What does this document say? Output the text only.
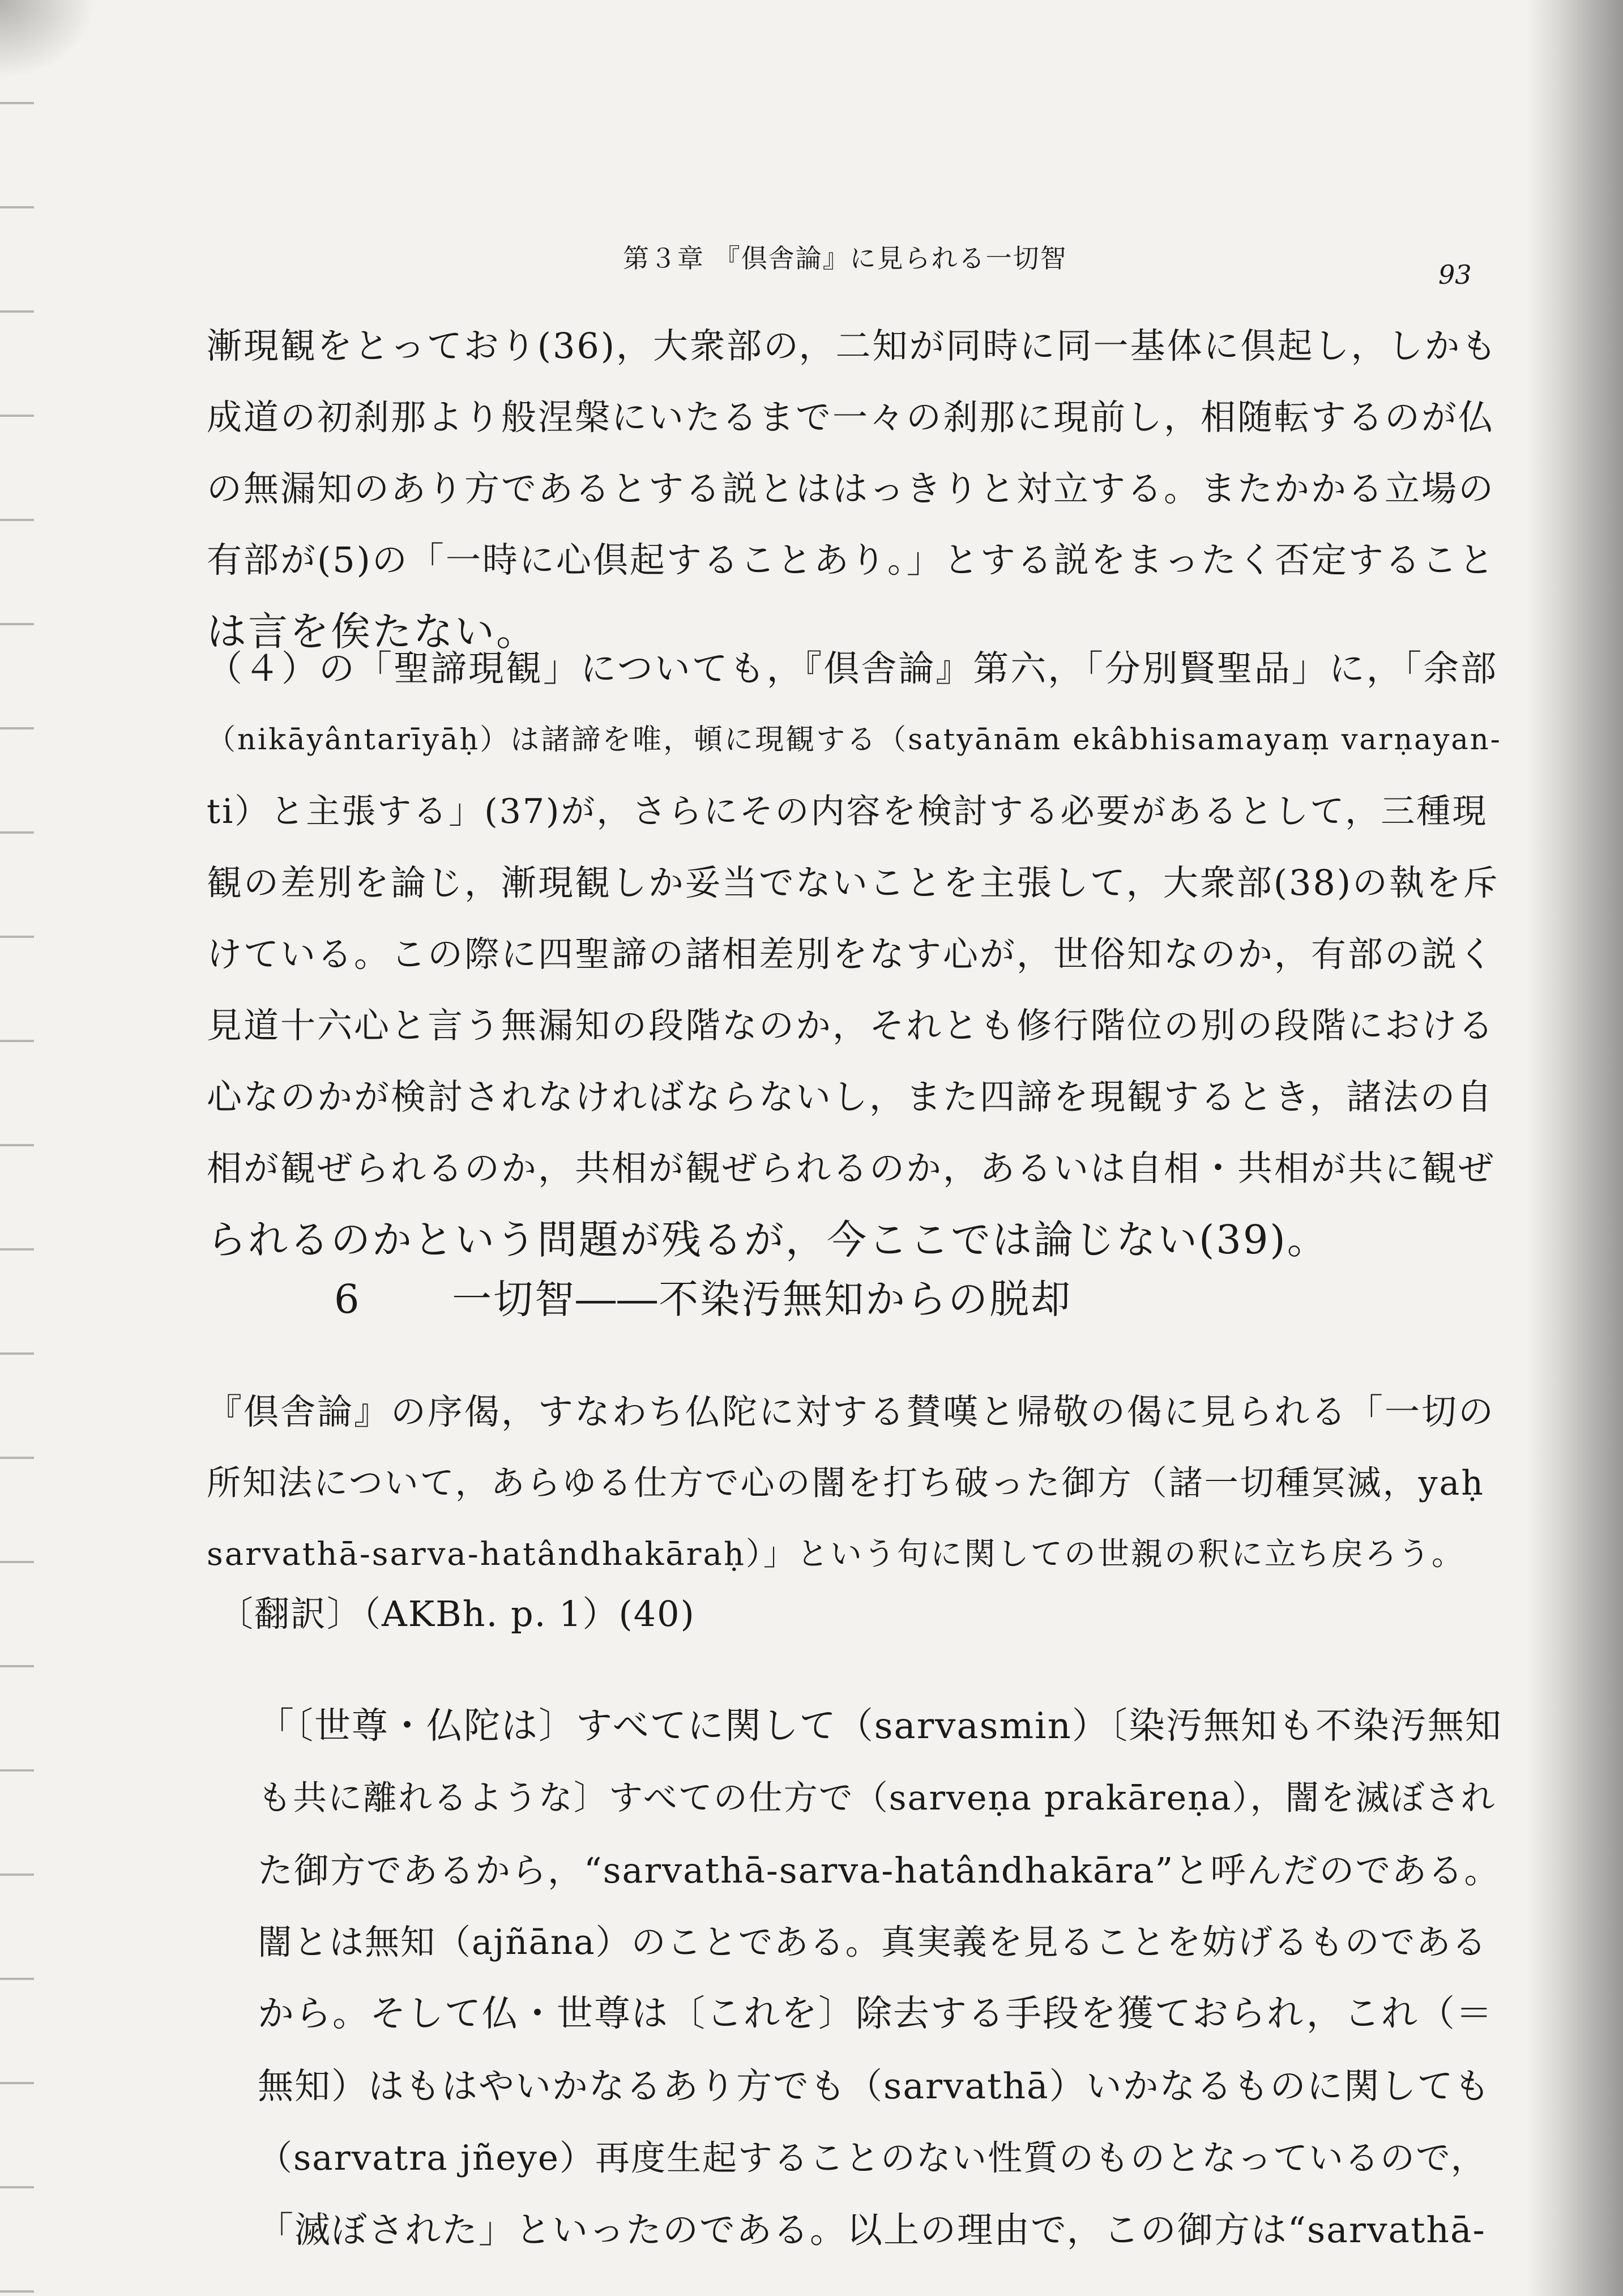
第３章 『倶舎論』に見られる一切智
93
漸現観をとっており(36)，大衆部の，二知が同時に同一基体に倶起し，しかも
成道の初刹那より般涅槃にいたるまで一々の刹那に現前し，相随転するのが仏
の無漏知のあり方であるとする説とははっきりと対立する。またかかる立場の
有部が(5)の「一時に心倶起することあり。」とする説をまったく否定すること
は言を俟たない。
（４）の「聖諦現観」についても，『倶舎論』第六，「分別賢聖品」に，「余部
（nikāyântarīyāḥ）は諸諦を唯，頓に現観する（satyānām ekâbhisamayaṃ varṇayan-
ti）と主張する」(37)が，さらにその内容を検討する必要があるとして，三種現
観の差別を論じ，漸現観しか妥当でないことを主張して，大衆部(38)の執を斥
けている。この際に四聖諦の諸相差別をなす心が，世俗知なのか，有部の説く
見道十六心と言う無漏知の段階なのか，それとも修行階位の別の段階における
心なのかが検討されなければならないし，また四諦を現観するとき，諸法の自
相が観ぜられるのか，共相が観ぜられるのか，あるいは自相・共相が共に観ぜ
られるのかという問題が残るが，今ここでは論じない(39)。
6 一切智――不染汚無知からの脱却
『倶舎論』の序偈，すなわち仏陀に対する賛嘆と帰敬の偈に見られる「一切の
所知法について，あらゆる仕方で心の闇を打ち破った御方（諸一切種冥滅，yaḥ
sarvathā-sarva-hatândhakāraḥ）」という句に関しての世親の釈に立ち戻ろう。
〔翻訳〕（AKBh. p. 1）(40)
「〔世尊・仏陀は〕すべてに関して（sarvasmin）〔染汚無知も不染汚無知
も共に離れるような〕すべての仕方で（sarveṇa prakāreṇa），闇を滅ぼされ
た御方であるから，“sarvathā-sarva-hatândhakāra”と呼んだのである。
闇とは無知（ajñāna）のことである。真実義を見ることを妨げるものである
から。そして仏・世尊は〔これを〕除去する手段を獲ておられ，これ（＝
無知）はもはやいかなるあり方でも（sarvathā）いかなるものに関しても
（sarvatra jñeye）再度生起することのない性質のものとなっているので，
「滅ぼされた」といったのである。以上の理由で，この御方は“sarvathā-
